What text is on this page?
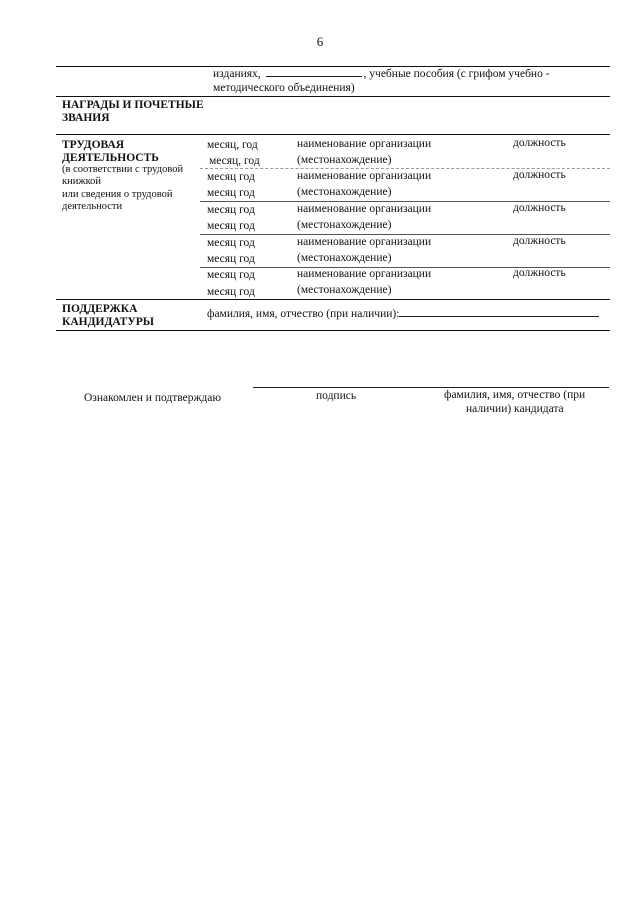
6
изданиях,	, учебные пособия (с грифом учебно -
методического объединения)
НАГРАДЫ И ПОЧЕТНЫЕ
ЗВАНИЯ
ТРУДОВАЯ
ДЕЯТЕЛЬНОСТЬ
(в соответствии с трудовой
книжкой
или сведения о трудовой
деятельности
месяц, год	наименование организации	должность
месяц, год	(местонахождение)
месяц год	наименование организации	должность
месяц год	(местонахождение)
месяц год	наименование организации	должность
месяц год	(местонахождение)
месяц год	наименование организации	должность
месяц год	(местонахождение)
месяц год	наименование организации	должность
месяц год	(местонахождение)
ПОДДЕРЖКА
КАНДИДАТУРЫ
фамилия, имя, отчество (при наличии):
Ознакомлен и подтверждаю	подпись	фамилия, имя, отчество (при
наличии) кандидата
